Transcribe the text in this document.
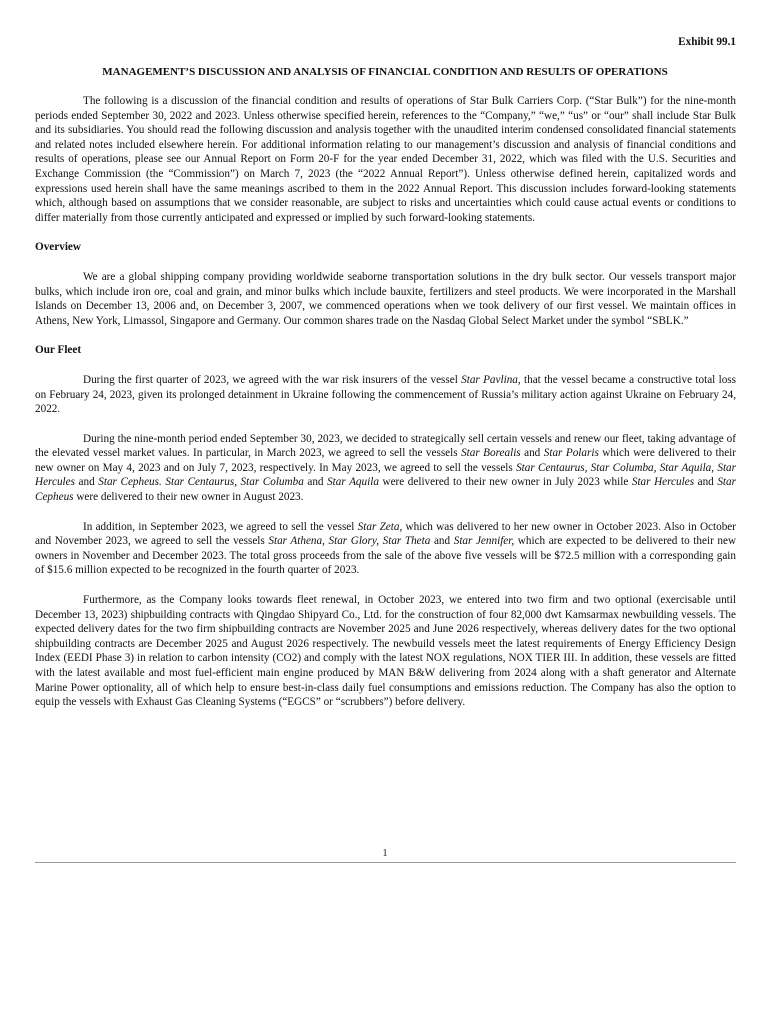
Exhibit 99.1
MANAGEMENT’S DISCUSSION AND ANALYSIS OF FINANCIAL CONDITION AND RESULTS OF OPERATIONS

The following is a discussion of the financial condition and results of operations of Star Bulk Carriers Corp. (“Star Bulk”) for the nine-month periods ended September 30, 2022 and 2023. Unless otherwise specified herein, references to the “Company,” “we,” “us” or “our” shall include Star Bulk and its subsidiaries. You should read the following discussion and analysis together with the unaudited interim condensed consolidated financial statements and related notes included elsewhere herein. For additional information relating to our management’s discussion and analysis of financial conditions and results of operations, please see our Annual Report on Form 20-F for the year ended December 31, 2022, which was filed with the U.S. Securities and Exchange Commission (the “Commission”) on March 7, 2023 (the “2022 Annual Report”). Unless otherwise defined herein, capitalized words and expressions used herein shall have the same meanings ascribed to them in the 2022 Annual Report. This discussion includes forward-looking statements which, although based on assumptions that we consider reasonable, are subject to risks and uncertainties which could cause actual events or conditions to differ materially from those currently anticipated and expressed or implied by such forward-looking statements.

Overview

We are a global shipping company providing worldwide seaborne transportation solutions in the dry bulk sector. Our vessels transport major bulks, which include iron ore, coal and grain, and minor bulks which include bauxite, fertilizers and steel products. We were incorporated in the Marshall Islands on December 13, 2006 and, on December 3, 2007, we commenced operations when we took delivery of our first vessel. We maintain offices in Athens, New York, Limassol, Singapore and Germany. Our common shares trade on the Nasdaq Global Select Market under the symbol “SBLK.”

Our Fleet

During the first quarter of 2023, we agreed with the war risk insurers of the vessel Star Pavlina, that the vessel became a constructive total loss on February 24, 2023, given its prolonged detainment in Ukraine following the commencement of Russia’s military action against Ukraine on February 24, 2022.

During the nine-month period ended September 30, 2023, we decided to strategically sell certain vessels and renew our fleet, taking advantage of the elevated vessel market values. In particular, in March 2023, we agreed to sell the vessels Star Borealis and Star Polaris which were delivered to their new owner on May 4, 2023 and on July 7, 2023, respectively. In May 2023, we agreed to sell the vessels Star Centaurus, Star Columba, Star Aquila, Star Hercules and Star Cepheus. Star Centaurus, Star Columba and Star Aquila were delivered to their new owner in July 2023 while Star Hercules and Star Cepheus were delivered to their new owner in August 2023.

In addition, in September 2023, we agreed to sell the vessel Star Zeta, which was delivered to her new owner in October 2023. Also in October and November 2023, we agreed to sell the vessels Star Athena, Star Glory, Star Theta and Star Jennifer, which are expected to be delivered to their new owners in November and December 2023. The total gross proceeds from the sale of the above five vessels will be $72.5 million with a corresponding gain of $15.6 million expected to be recognized in the fourth quarter of 2023.

Furthermore, as the Company looks towards fleet renewal, in October 2023, we entered into two firm and two optional (exercisable until December 13, 2023) shipbuilding contracts with Qingdao Shipyard Co., Ltd. for the construction of four 82,000 dwt Kamsarmax newbuilding vessels. The expected delivery dates for the two firm shipbuilding contracts are November 2025 and June 2026 respectively, whereas delivery dates for the two optional shipbuilding contracts are December 2025 and August 2026 respectively. The newbuild vessels meet the latest requirements of Energy Efficiency Design Index (EEDI Phase 3) in relation to carbon intensity (CO2) and comply with the latest NOX regulations, NOX TIER III. In addition, these vessels are fitted with the latest available and most fuel-efficient main engine produced by MAN B&W delivering from 2024 along with a shaft generator and Alternate Marine Power optionality, all of which help to ensure best-in-class daily fuel consumptions and emissions reduction. The Company has also the option to equip the vessels with Exhaust Gas Cleaning Systems (“EGCS” or “scrubbers”) before delivery.

1
